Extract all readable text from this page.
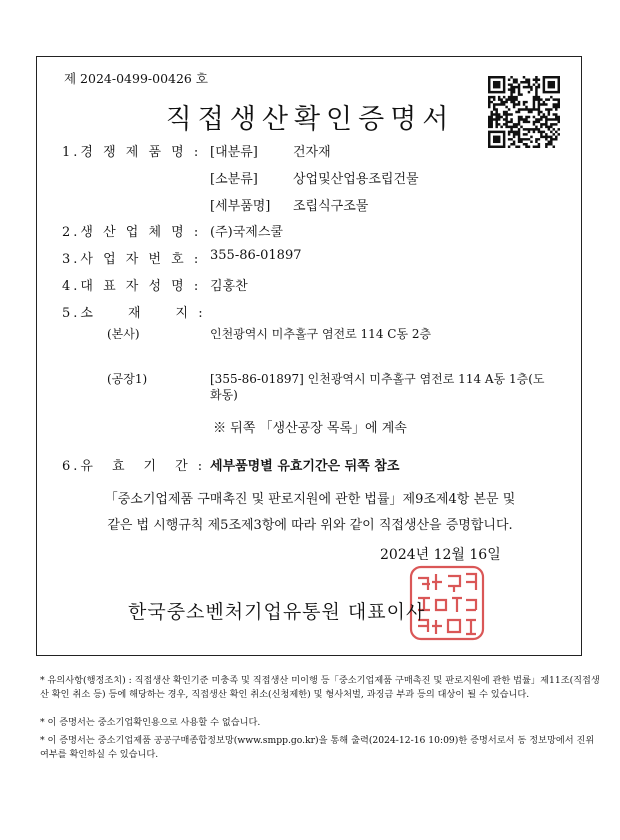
제 2024-0499-00426 호
직접생산확인증명서
1.경 쟁 제 품 명 : [대분류]	건자재
[소분류]	상업및산업용조립건물
[세부품명] 조립식구조물
2.생 산 업 체 명 : (주)국제스쿨
3.사 업 자 번 호 : 355-86-01897
4.대 표 자 성 명 : 김홍찬
5.소　　재　　지 :
(본사)	인천광역시 미추홀구 염전로 114 C동 2층
(공장1)	[355-86-01897] 인천광역시 미추홀구 염전로 114 A동 1층(도
화동)
※ 뒤쪽 「생산공장 목록」에 계속
6.유　효　기　간 : 세부품명별 유효기간은 뒤쪽 참조
「중소기업제품 구매촉진 및 판로지원에 관한 법률」제9조제4항 본문 및
같은 법 시행규칙 제5조제3항에 따라 위와 같이 직접생산을 증명합니다.
2024년 12월 16일
한국중소벤처기업유통원 대표이사
* 유의사항(행정조치) : 직접생산 확인기준 미충족 및 직접생산 미이행 등「중소기업제품 구매촉진 및 판로지원에 관한 법률」제11조(직접생산 확인 취소 등) 등에 해당하는 경우, 직접생산 확인 취소(신청제한) 및 형사처벌, 과징금 부과 등의 대상이 될 수 있습니다.
* 이 증명서는 중소기업확인용으로 사용할 수 없습니다.
* 이 증명서는 중소기업제품 공공구매종합정보망(www.smpp.go.kr)을 통해 출력(2024-12-16 10:09)한 증명서로서 동 정보망에서 진위여부를 확인하실 수 있습니다.
